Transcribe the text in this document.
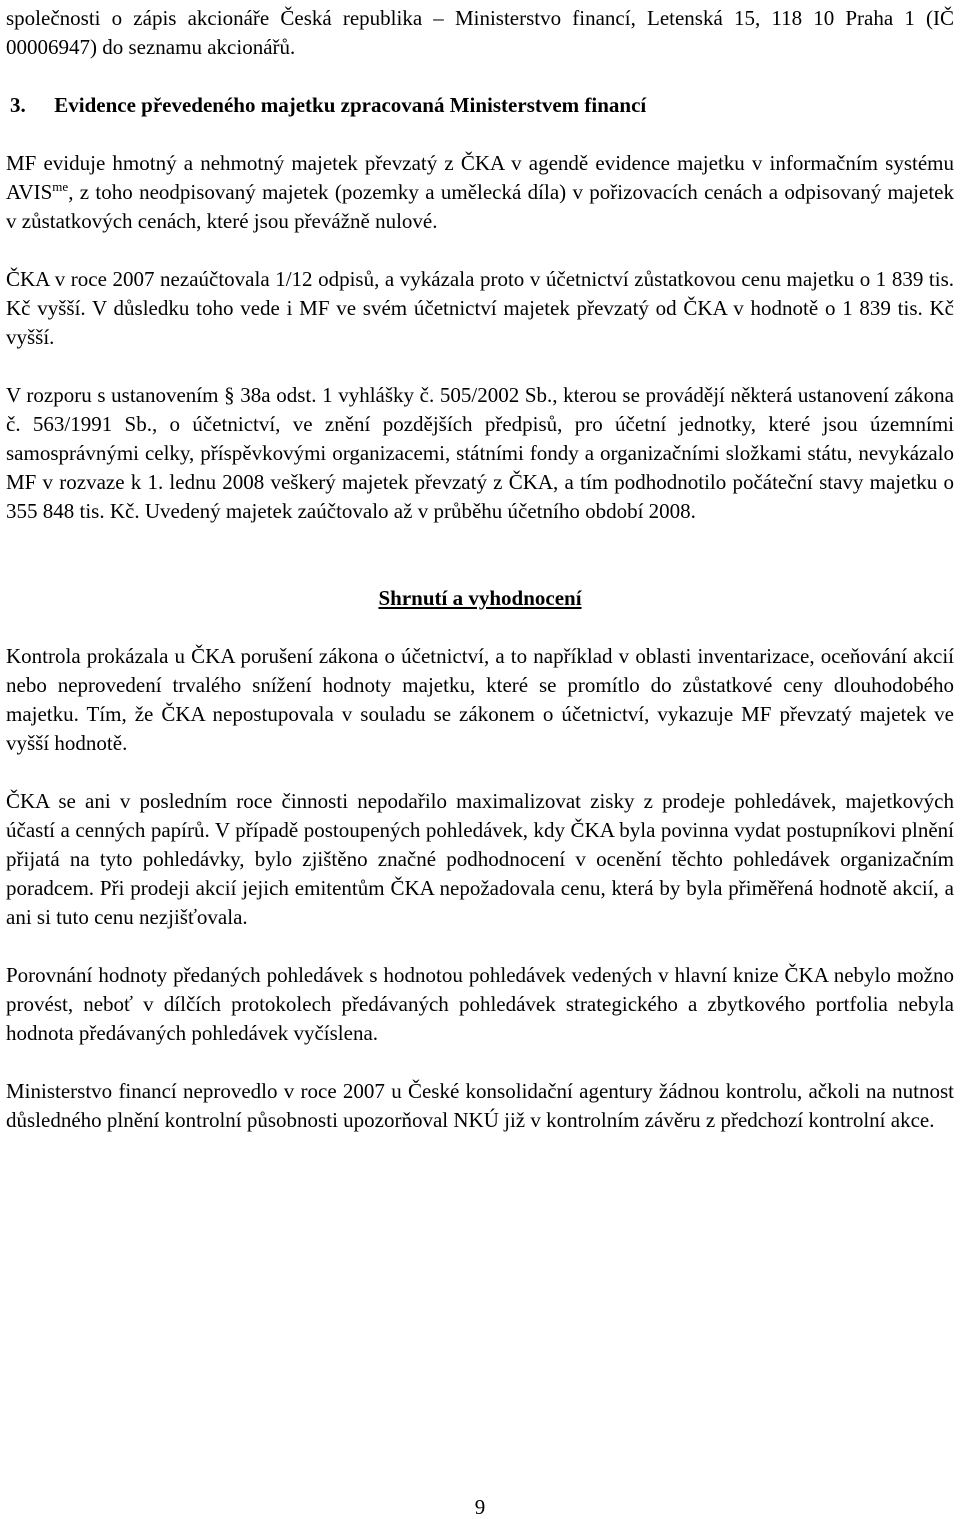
společnosti o zápis akcionáře Česká republika – Ministerstvo financí, Letenská 15, 118 10 Praha 1 (IČ 00006947) do seznamu akcionářů.

3. Evidence převedeného majetku zpracovaná Ministerstvem financí

MF eviduje hmotný a nehmotný majetek převzatý z ČKA v agendě evidence majetku v informačním systému $AVIS^{me}$, z toho neodpisovaný majetek (pozemky a umělecká díla) v pořizovacích cenách a odpisovaný majetek v zůstatkových cenách, které jsou převážně nulové.

ČKA v roce 2007 nezaúčtovala 1/12 odpisů, a vykázala proto v účetnictví zůstatkovou cenu majetku o 1 839 tis. Kč vyšší. V důsledku toho vede i MF ve svém účetnictví majetek převzatý od ČKA v hodnotě o 1 839 tis. Kč vyšší.

V rozporu s ustanovením § 38a odst. 1 vyhlášky č. 505/2002 Sb., kterou se provádějí některá ustanovení zákona č. 563/1991 Sb., o účetnictví, ve znění pozdějších předpisů, pro účetní jednotky, které jsou územními samosprávnými celky, příspěvkovými organizacemi, státními fondy a organizačními složkami státu, nevykázalo MF v rozvaze k 1. lednu 2008 veškerý majetek převzatý z ČKA, a tím podhodnotilo počáteční stavy majetku o 355 848 tis. Kč. Uvedený majetek zaúčtovalo až v průběhu účetního období 2008.

Shrnutí a vyhodnocení

Kontrola prokázala u ČKA porušení zákona o účetnictví, a to například v oblasti inventarizace, oceňování akcií nebo neprovedení trvalého snížení hodnoty majetku, které se promítlo do zůstatkové ceny dlouhodobého majetku. Tím, že ČKA nepostupovala v souladu se zákonem o účetnictví, vykazuje MF převzatý majetek ve vyšší hodnotě.

ČKA se ani v posledním roce činnosti nepodařilo maximalizovat zisky z prodeje pohledávek, majetkových účastí a cenných papírů. V případě postoupených pohledávek, kdy ČKA byla povinna vydat postupníkovi plnění přijatá na tyto pohledávky, bylo zjištěno značné podhodnocení v ocenění těchto pohledávek organizačním poradcem. Při prodeji akcií jejich emitentům ČKA nepožadovala cenu, která by byla přiměřená hodnotě akcií, a ani si tuto cenu nezjišťovala.

Porovnání hodnoty předaných pohledávek s hodnotou pohledávek vedených v hlavní knize ČKA nebylo možno provést, neboť v dílčích protokolech předávaných pohledávek strategického a zbytkového portfolia nebyla hodnota předávaných pohledávek vyčíslena.

Ministerstvo financí neprovedlo v roce 2007 u České konsolidační agentury žádnou kontrolu, ačkoli na nutnost důsledného plnění kontrolní působnosti upozorňoval NKÚ již v kontrolním závěru z předchozí kontrolní akce.

9
